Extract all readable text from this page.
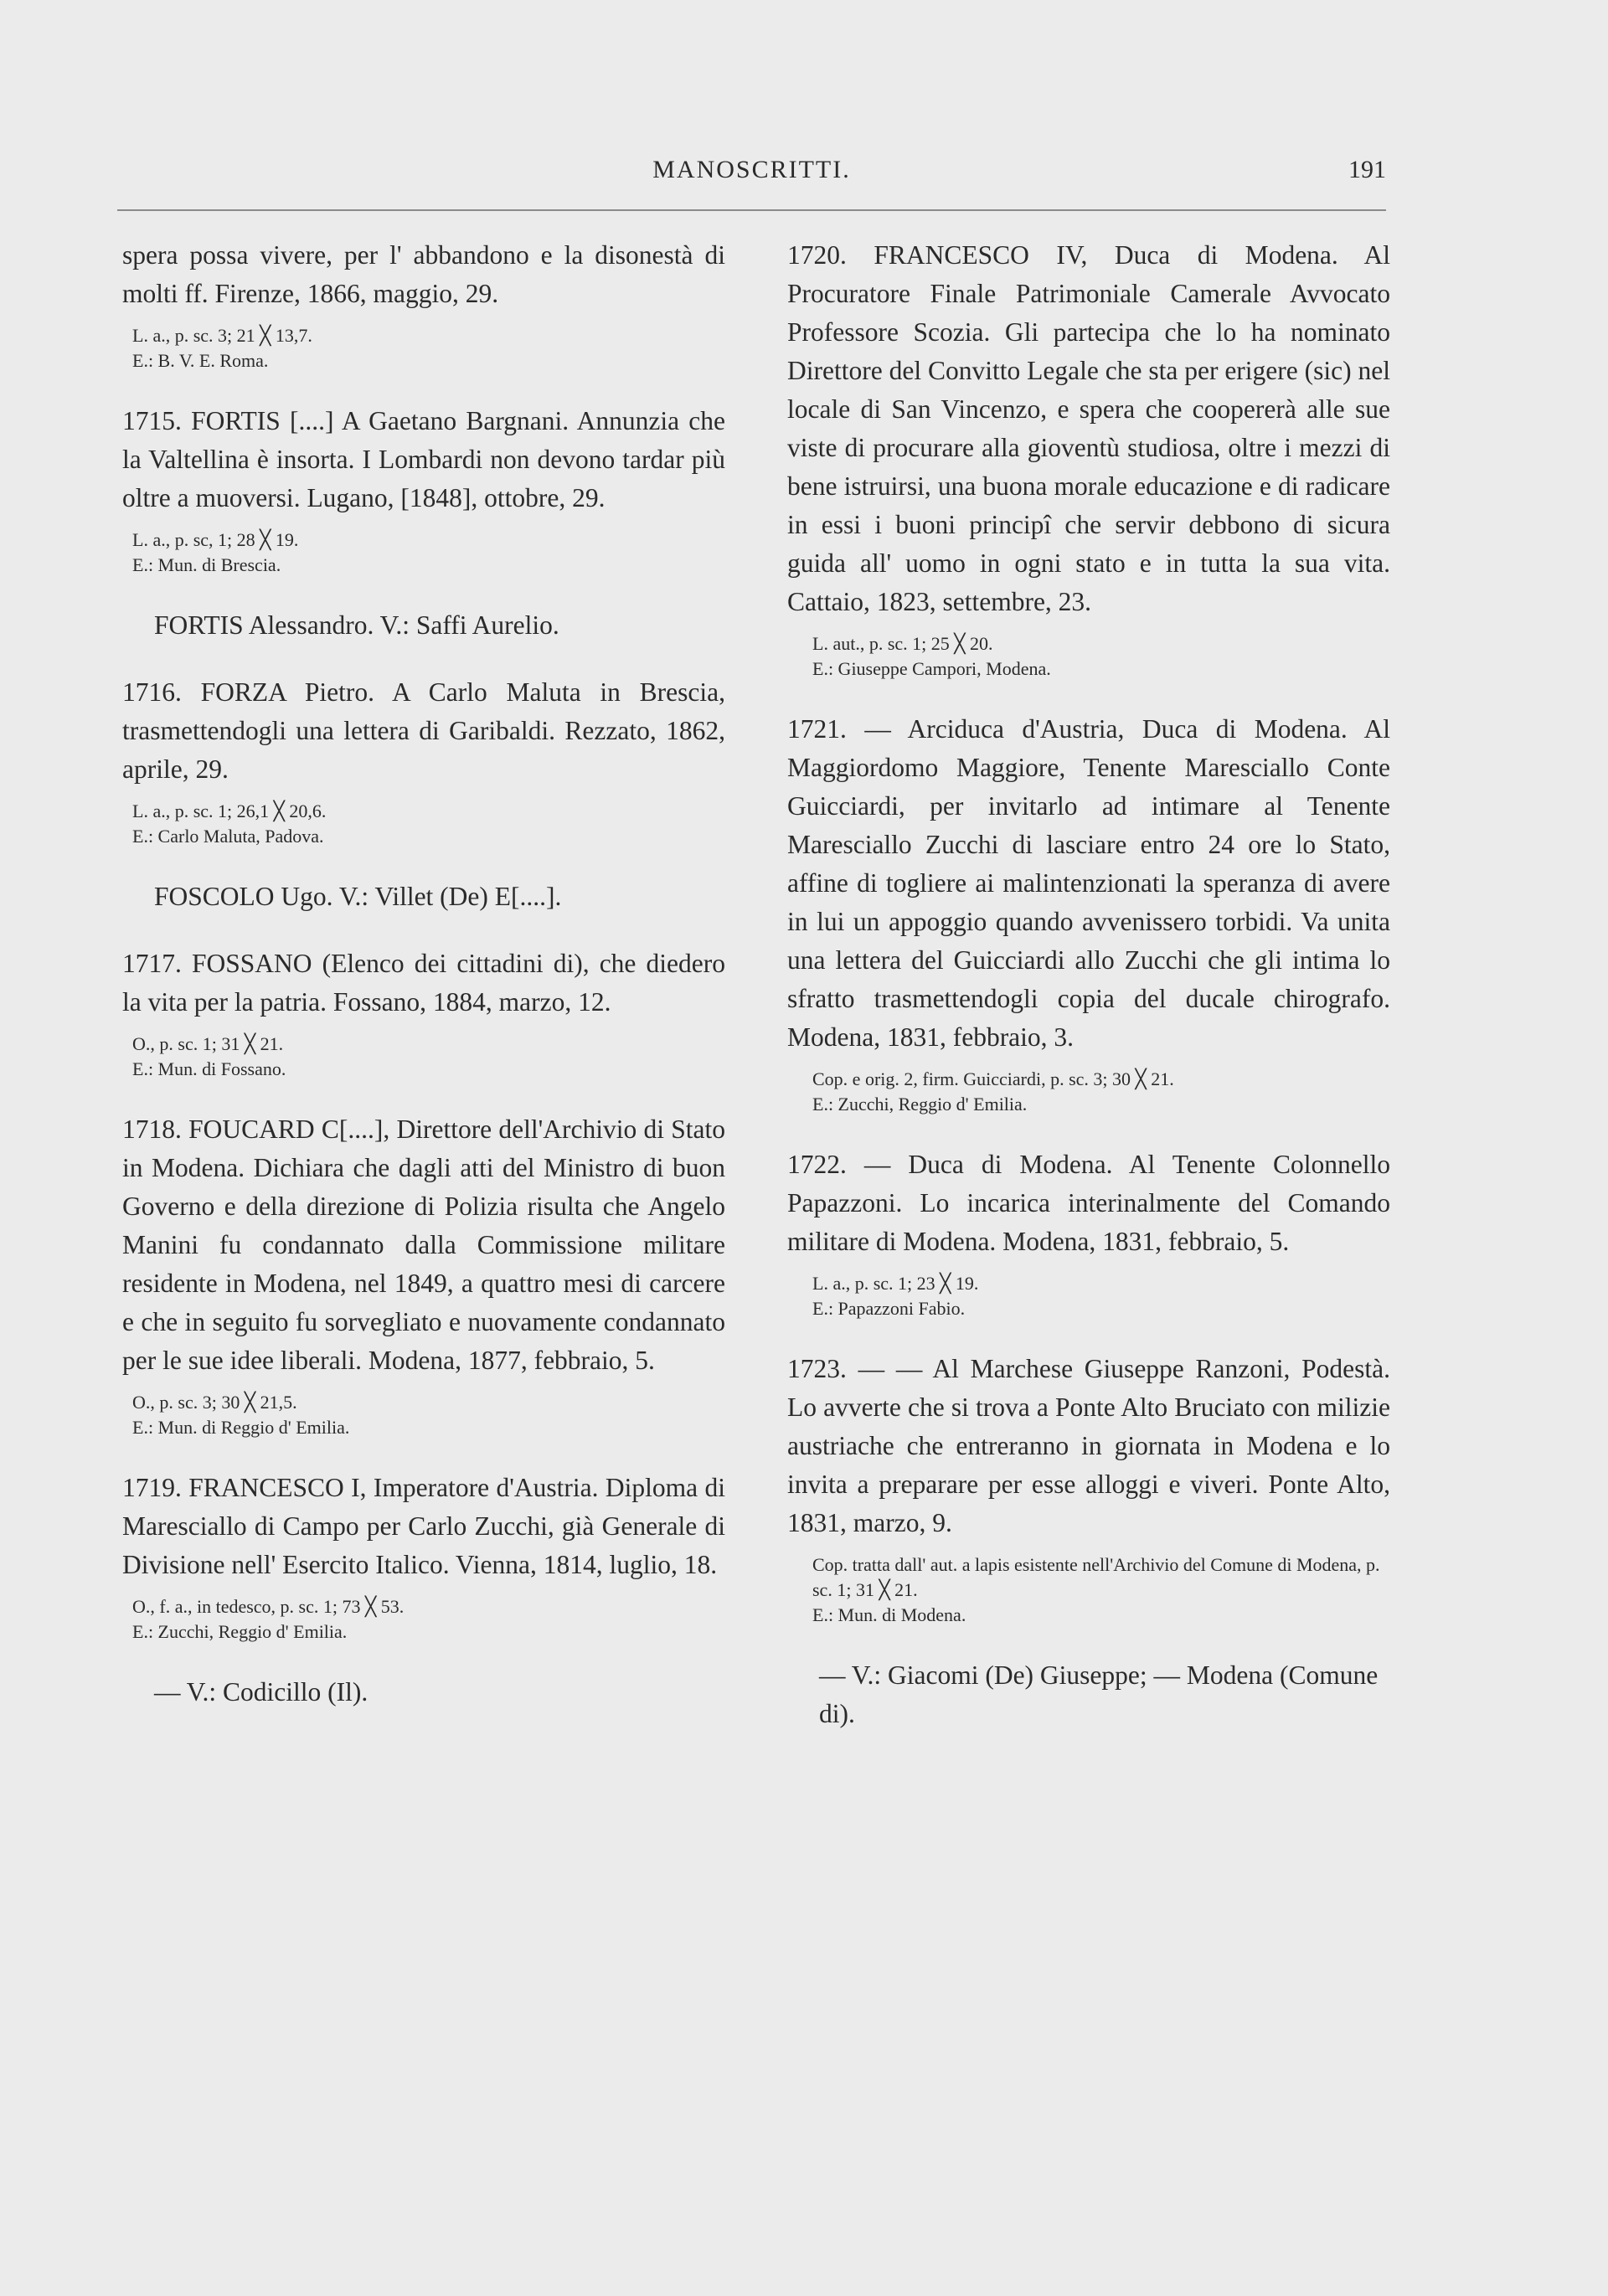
MANOSCRITTI.	191

spera possa vivere, per l' abbandono e la disonestà di molti ff. Firenze, 1866, maggio, 29.

L. a., p. sc. 3; 21 ╳ 13,7.

E.: B. V. E. Roma.

1715. FORTIS [....] A Gaetano Bargnani. Annunzia che la Valtellina è insorta. I Lombardi non devono tardar più oltre a muoversi. Lugano, [1848], ottobre, 29.

L. a., p. sc, 1; 28 ╳ 19.

E.: Mun. di Brescia.

FORTIS Alessandro. V.: Saffi Aurelio.

1716. FORZA Pietro. A Carlo Maluta in Brescia, trasmettendogli una lettera di Garibaldi. Rezzato, 1862, aprile, 29.

L. a., p. sc. 1; 26,1 ╳ 20,6.

E.: Carlo Maluta, Padova.

FOSCOLO Ugo. V.: Villet (De) E[....].

1717. FOSSANO (Elenco dei cittadini di), che diedero la vita per la patria. Fossano, 1884, marzo, 12.

O., p. sc. 1; 31 ╳ 21.

E.: Mun. di Fossano.

1718. FOUCARD C[....], Direttore dell'Archivio di Stato in Modena. Dichiara che dagli atti del Ministro di buon Governo e della direzione di Polizia risulta che Angelo Manini fu condannato dalla Commissione militare residente in Modena, nel 1849, a quattro mesi di carcere e che in seguito fu sorvegliato e nuovamente condannato per le sue idee liberali. Modena, 1877, febbraio, 5.

O., p. sc. 3; 30 ╳ 21,5.

E.: Mun. di Reggio d' Emilia.

1719. FRANCESCO I, Imperatore d'Austria. Diploma di Maresciallo di Campo per Carlo Zucchi, già Generale di Divisione nell' Esercito Italico. Vienna, 1814, luglio, 18.

O., f. a., in tedesco, p. sc. 1; 73 ╳ 53.

E.: Zucchi, Reggio d' Emilia.

— V.: Codicillo (Il).

1720. FRANCESCO IV, Duca di Modena. Al Procuratore Finale Patrimoniale Camerale Avvocato Professore Scozia. Gli partecipa che lo ha nominato Direttore del Convitto Legale che sta per erigere (sic) nel locale di San Vincenzo, e spera che coopererà alle sue viste di procurare alla gioventù studiosa, oltre i mezzi di bene istruirsi, una buona morale educazione e di radicare in essi i buoni principî che servir debbono di sicura guida all' uomo in ogni stato e in tutta la sua vita. Cattaio, 1823, settembre, 23.

L. aut., p. sc. 1; 25 ╳ 20.

E.: Giuseppe Campori, Modena.

1721. — Arciduca d'Austria, Duca di Modena. Al Maggiordomo Maggiore, Tenente Maresciallo Conte Guicciardi, per invitarlo ad intimare al Tenente Maresciallo Zucchi di lasciare entro 24 ore lo Stato, affine di togliere ai malintenzionati la speranza di avere in lui un appoggio quando avvenissero torbidi. Va unita una lettera del Guicciardi allo Zucchi che gli intima lo sfratto trasmettendogli copia del ducale chirografo. Modena, 1831, febbraio, 3.

Cop. e orig. 2, firm. Guicciardi, p. sc. 3; 30 ╳ 21.

E.: Zucchi, Reggio d' Emilia.

1722. — Duca di Modena. Al Tenente Colonnello Papazzoni. Lo incarica interinalmente del Comando militare di Modena. Modena, 1831, febbraio, 5.

L. a., p. sc. 1; 23 ╳ 19.

E.: Papazzoni Fabio.

1723. — — Al Marchese Giuseppe Ranzoni, Podestà. Lo avverte che si trova a Ponte Alto Bruciato con milizie austriache che entreranno in giornata in Modena e lo invita a preparare per esse alloggi e viveri. Ponte Alto, 1831, marzo, 9.

Cop. tratta dall' aut. a lapis esistente nell'Archivio del Comune di Modena, p. sc. 1; 31 ╳ 21.

E.: Mun. di Modena.

— V.: Giacomi (De) Giuseppe; — Modena (Comune di).
